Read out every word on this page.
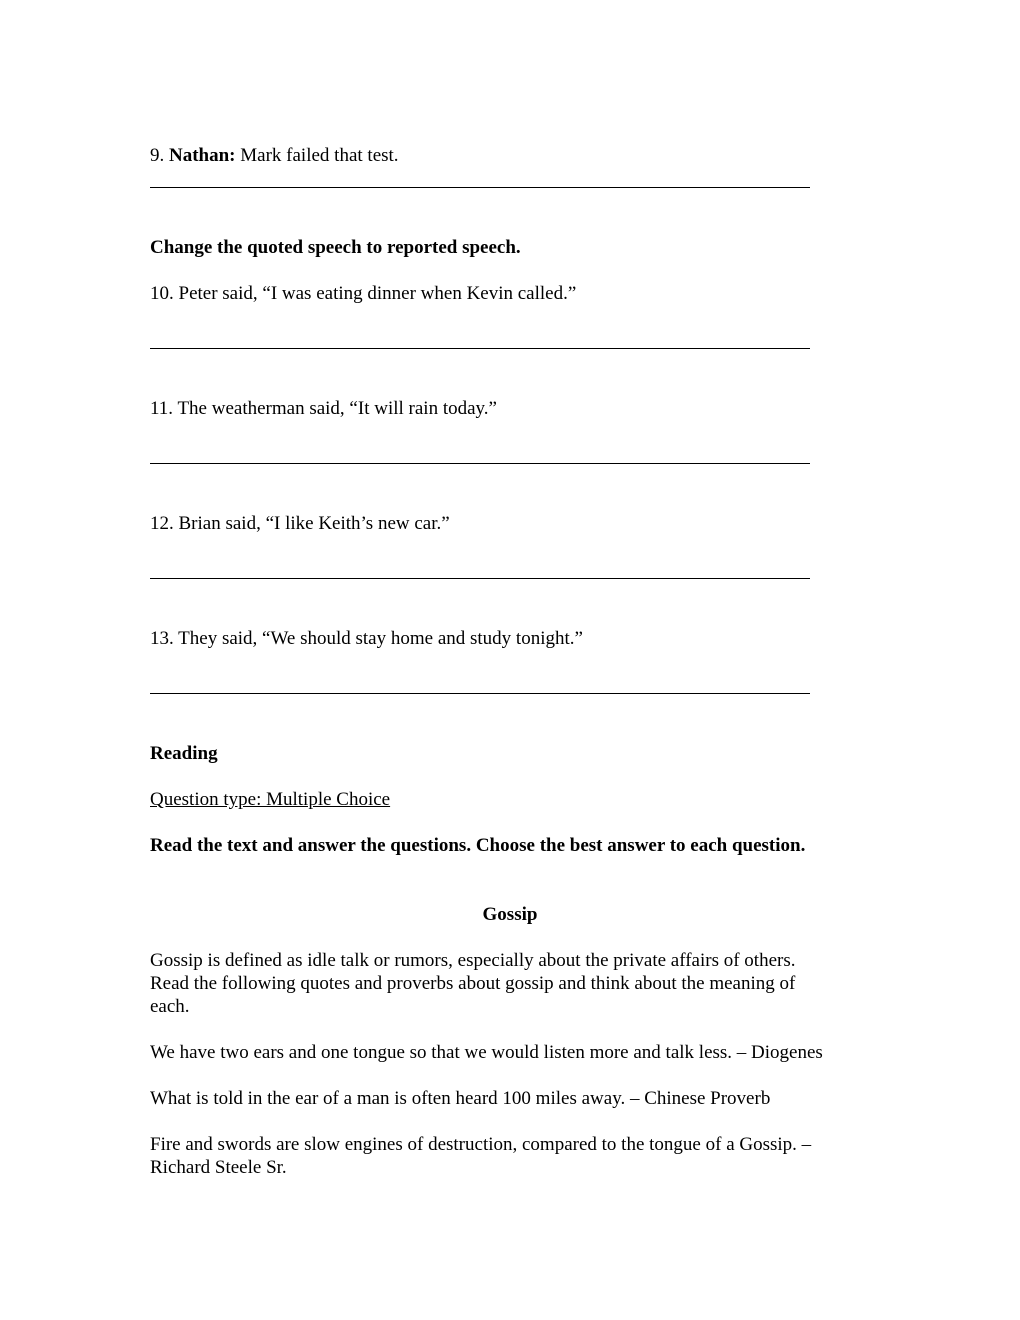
9. Nathan: Mark failed that test.
Change the quoted speech to reported speech.
10. Peter said, “I was eating dinner when Kevin called.”
11. The weatherman said, “It will rain today.”
12. Brian said, “I like Keith’s new car.”
13. They said, “We should stay home and study tonight.”
Reading
Question type: Multiple Choice
Read the text and answer the questions. Choose the best answer to each question.
Gossip
Gossip is defined as idle talk or rumors, especially about the private affairs of others.
Read the following quotes and proverbs about gossip and think about the meaning of
each.
We have two ears and one tongue so that we would listen more and talk less. – Diogenes
What is told in the ear of a man is often heard 100 miles away. – Chinese Proverb
Fire and swords are slow engines of destruction, compared to the tongue of a Gossip. –
Richard Steele Sr.
